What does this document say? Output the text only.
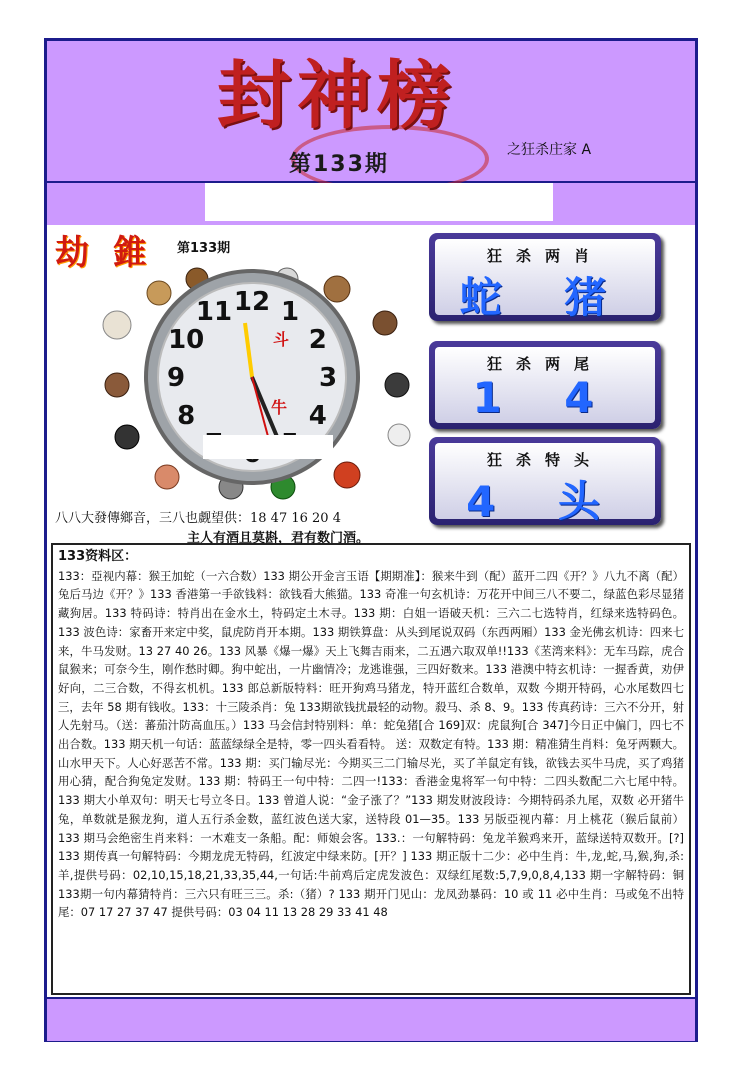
封神榜
第133期
之狂杀庄家 A
劫 錐 第133期
12 1
2
3
4
8
9
10
11
斗
牛
八八大發傳鄉音，三八也觑望供：18 47 16 20 4
主人有酒且莫斟，君有数门酒。
狂杀两肖
蛇 猪
狂杀两尾
1 4
狂杀特头
4 头
133资料区：
133：亞视内幕：猴王加蛇（一六合数）133 期公开金言玉语【期期准】：猴来牛到（配）蓝开二四《开？》八九不离（配）兔后马边《开？》133 香港第一手欲钱料：欲钱看大熊猫。133 奇准一句玄机诗：万花开中间三八不要二，绿蓝色彩尽显猪藏狗居。133 特码诗：特肖出在金水土，特码定土木寻。133 期：白姐一语破天机：三六二七选特肖，红绿来选特码色。133 波色诗：家畜开来定中奖，鼠虎防肖开本期。133 期铁算盘：从头到尾说双码（东西两厢）133 金光佛玄机诗：四来七来，牛马发财。13 27 40 26。133 风暴《爆一爆》天上飞舞吉雨来，二五遇六取双单!!133《苤湾来料》：无车马踪，虎合鼠猴来；可奈今生，刚作愁时卿。狗中蛇出，一片幽情冷；龙逃谁强，三四好数来。133 港澳中特玄机诗：一握香黄，劝伊好向，二三合数，不得玄机机。133 郎总新版特料：旺开狗鸡马猪龙，特开蓝红合数单，双数 今期开特码，心水尾数四七三，去年 58 期有钱收。133：十三陵杀肖：兔 133期欲钱扰最轻的动物。殺马、杀 8、9。133 传真药诗：三六不分开，射人先射马。（送：蕃茄汁防高血压。）133 马会信封特别料：单：蛇兔猪[合 169]双：虎鼠狗[合 347]今日正中偏门，四七不出合数。133 期天机一句话：蓝蓝绿绿全是特，零一四头看看特。 送：双数定有特。133 期：精准猜生肖料：兔牙两颗大。山水甲天下。人心好恶苦不常。133 期：买门输尽光：今期买三二门输尽光，买了羊鼠定有钱，欲钱去买牛马虎，买了鸡猪用心猜，配合狗兔定发财。133 期：特码王一句中特：二四一!133：香港金鬼将军一句中特：二四头数配二六七尾中特。133 期大小单双句：明天七号立冬日。133 曾道人说：“金子涨了？”133 期发财波段诗：今期特码杀九尾，双数 必开猪牛兔，单数就是猴龙狗，道人五行杀金数，蓝红波色送大家，送特段 01—35。133 另版亞视内幕：月上桃花（猴后鼠前）133 期马会绝密生肖来料：一木难支一条船。配：师娘会客。133.：一句解特码：兔龙羊猴鸡来开，蓝绿送特双数开。[?] 133 期传真一句解特码：今期龙虎无特码，红波定中绿来防。[开？] 133 期正版十二少：必中生肖：牛,龙,蛇,马,猴,狗,杀:羊,提供号码：02,10,15,18,21,33,35,44,一句话:牛前鸡后定虎发波色：双绿红尾数:5,7,9,0,8,4,133 期一字解特码：铜 133期一句内幕猜特肖：三六只有旺三三。杀:（猪）? 133 期开门见山：龙凤劲暴码：10 或 11 必中生肖：马或兔不出特尾：07 17 27 37 47 提供号码：03 04 11 13 28 29 33 41 48
